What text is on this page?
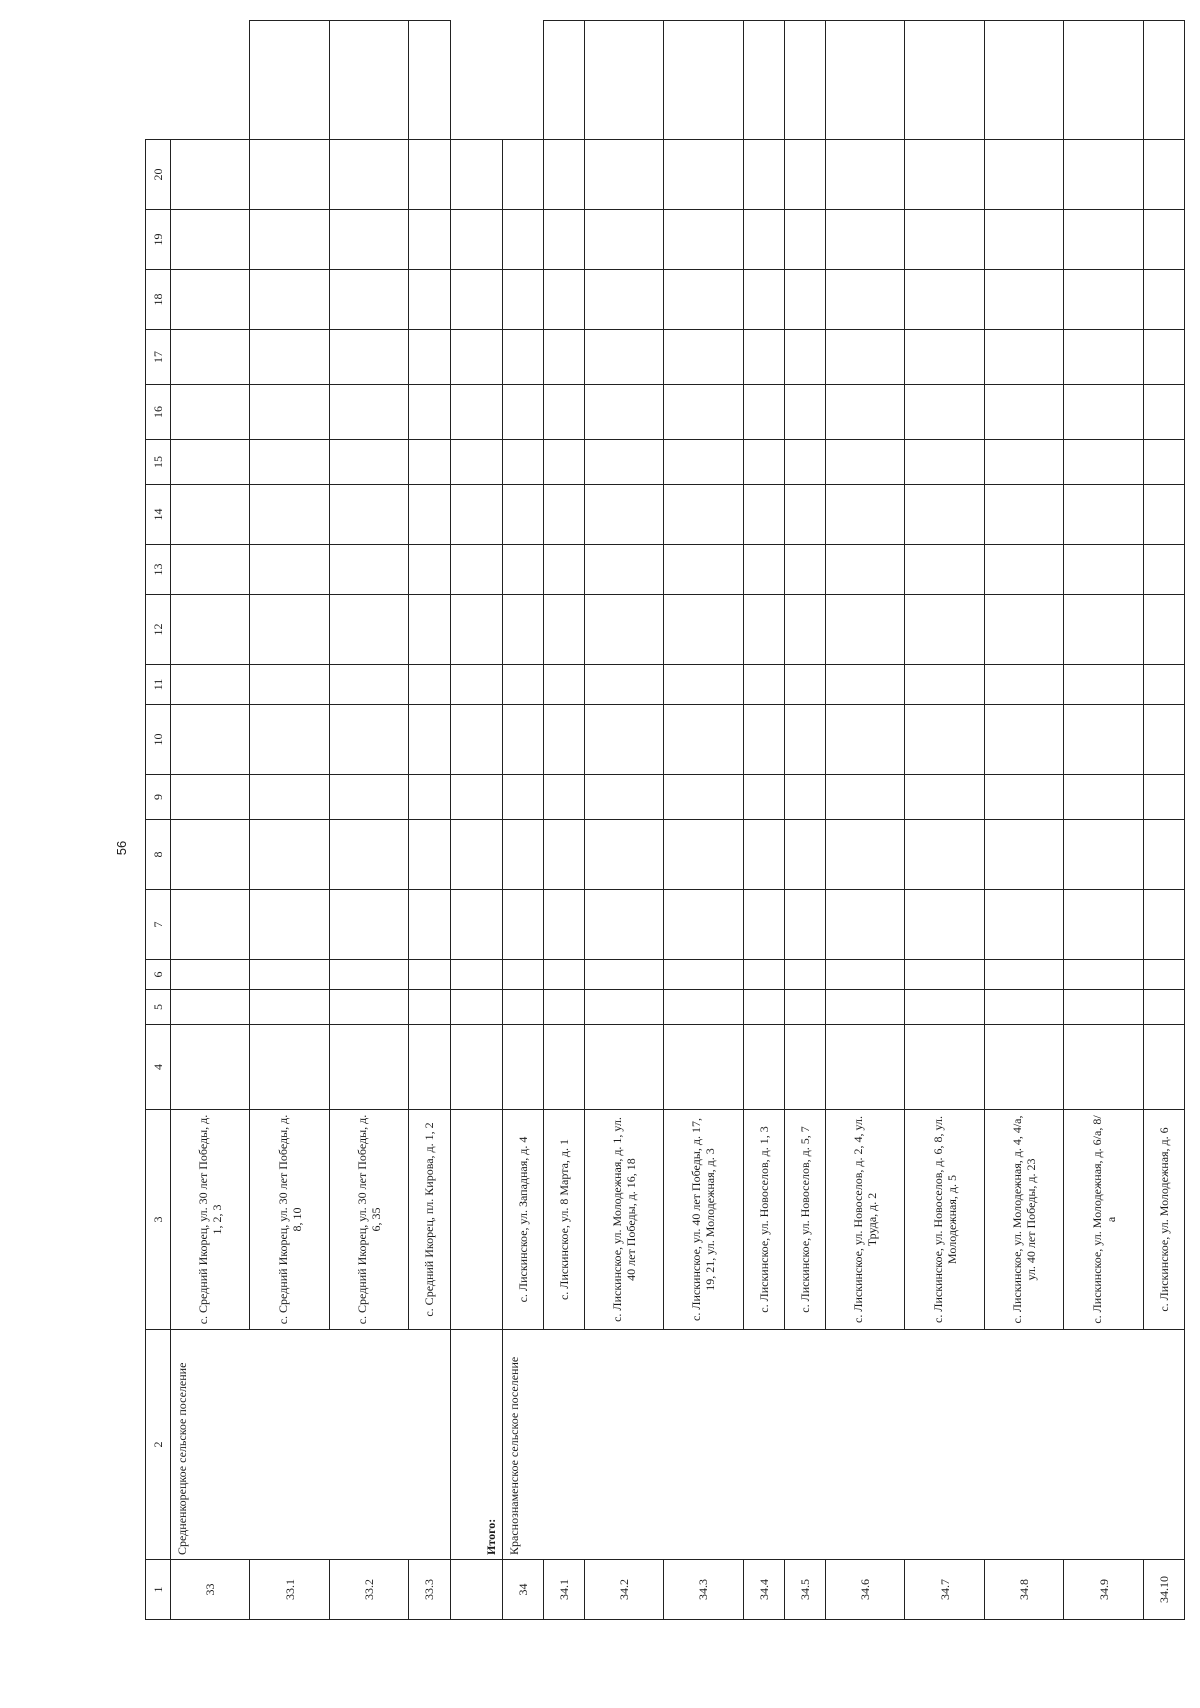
56
1	2	3	4	5	6	7	8	9	10	11	12	13	14	15	16	17	18	19	20	
33	Средненкорецкое сельское поселение	с. Средний Икорец, ул. 30 лет Победы, д. 1, 2, 3																		
33.1		с. Средний Икорец, ул. 30 лет Победы, д. 8, 10																		
33.2		с. Средний Икорец, ул. 30 лет Победы, д. 6, 35																		
33.3		с. Средний Икорец, пл. Кирова, д. 1, 2																		
	Итого:																			
34	Краснознаменское сельское поселение	с. Лискинское, ул. Западная, д. 4																		
34.1		с. Лискинское, ул. 8 Марта, д. 1																		
34.2		с. Лискинское, ул. Молодежная, д. 1, ул. 40 лет Победы, д. 16, 18																		
34.3		с. Лискинское, ул. 40 лет Победы, д. 17, 19, 21, ул. Молодежная, д. 3																		
34.4		с. Лискинское, ул. Новоселов, д. 1, 3																		
34.5		с. Лискинское, ул. Новоселов, д. 5, 7																		
34.6		с. Лискинское, ул. Новоселов, д. 2, 4, ул. Труда, д. 2																		
34.7		с. Лискинское, ул. Новоселов, д. 6, 8, ул. Молодежная, д. 5																		
34.8		с. Лискинское, ул. Молодежная, д. 4, 4/а, ул. 40 лет Победы, д. 23																		
34.9		с. Лискинское, ул. Молодежная, д. 6/а, 8/а																		
34.10		с. Лискинское, ул. Молодежная, д. 6																		
